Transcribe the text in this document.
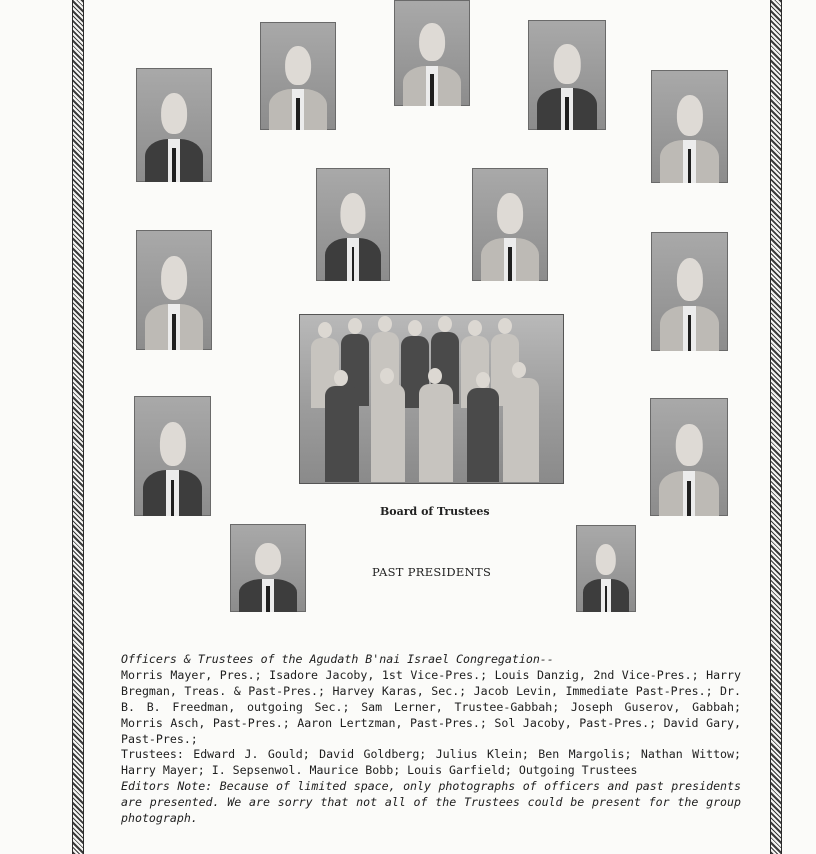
Board of Trustees
PAST PRESIDENTS

Officers & Trustees of the Agudath B'nai Israel Congregation--

Morris Mayer, Pres.; Isadore Jacoby, 1st Vice-Pres.; Louis Danzig, 2nd Vice-Pres.; Harry Bregman, Treas. & Past-Pres.; Harvey Karas, Sec.; Jacob Levin, Immediate Past-Pres.; Dr. B. B. Freedman, outgoing Sec.; Sam Lerner, Trustee-Gabbah; Joseph Guserov, Gabbah; Morris Asch, Past-Pres.; Aaron Lertzman, Past-Pres.; Sol Jacoby, Past-Pres.; David Gary, Past-Pres.;

Trustees: Edward J. Gould; David Goldberg; Julius Klein; Ben Margolis; Nathan Wittow; Harry Mayer; I. Sepsenwol. Maurice Bobb; Louis Garfield; Outgoing Trustees

Editors Note: Because of limited space, only photographs of officers and past presidents are presented. We are sorry that not all of the Trustees could be present for the group photograph.
